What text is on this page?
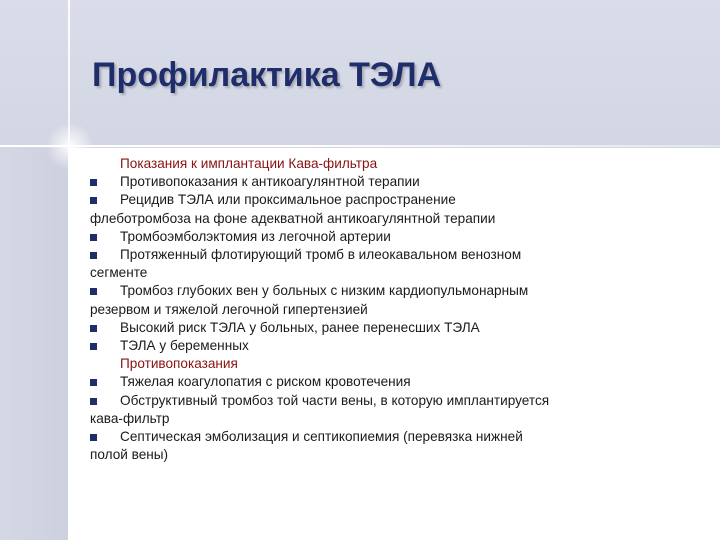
Профилактика ТЭЛА
Показания к имплантации Кава-фильтра
Противопоказания к антикоагулянтной терапии
Рецидив ТЭЛА или проксимальное распространение
флеботромбоза на фоне адекватной антикоагулянтной терапии
Тромбоэмболэктомия из легочной артерии
Протяженный флотирующий тромб в илеокавальном венозном
сегменте
Тромбоз глубоких вен у больных с низким кардиопульмонарным
резервом и тяжелой легочной гипертензией
Высокий риск ТЭЛА у больных, ранее перенесших ТЭЛА
ТЭЛА у беременных
Противопоказания
Тяжелая коагулопатия с риском кровотечения
Обструктивный тромбоз той части вены, в которую имплантируется
кава-фильтр
Септическая эмболизация и септикопиемия (перевязка нижней
полой вены)
